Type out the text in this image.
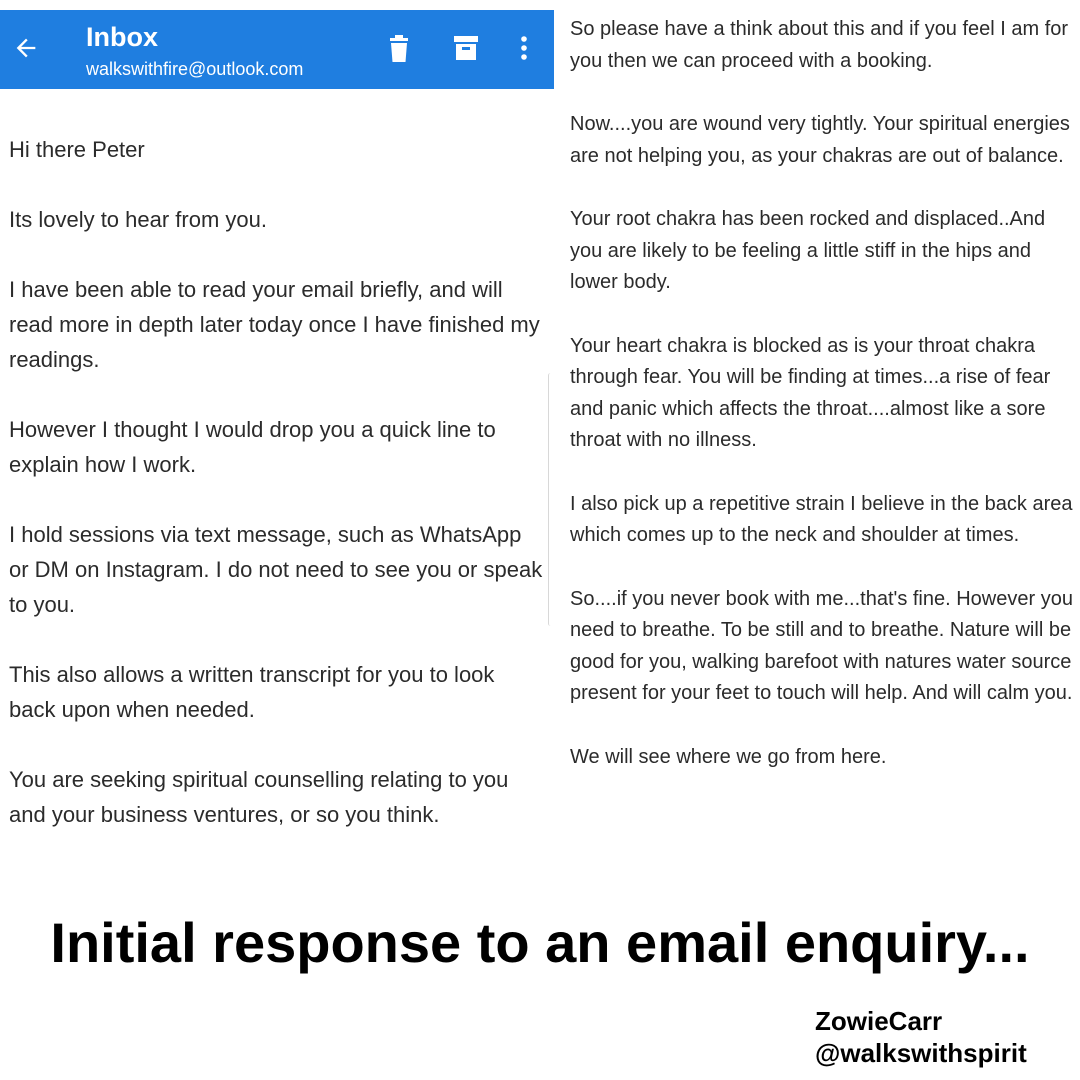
Inbox
walkswithfire@outlook.com

Hi there Peter

Its lovely to hear from you.

I have been able to read your email briefly, and will read more in depth later today once I have finished my readings.

However I thought I would drop you a quick line to explain how I work.

I hold sessions via text message, such as WhatsApp or DM on Instagram. I do not need to see you or speak to you.

This also allows a written transcript for you to look back upon when needed.

You are seeking spiritual counselling relating to you and your business ventures, or so you think.

So please have a think about this and if you feel I am for you then we can proceed with a booking.

Now....you are wound very tightly. Your spiritual energies are not helping you, as your chakras are out of balance.

Your root chakra has been rocked and displaced..And you are likely to be feeling a little stiff in the hips and lower body.

Your heart chakra is blocked as is your throat chakra through fear. You will be finding at times...a rise of fear and panic which affects the throat....almost like a sore throat with no illness.

I also pick up a repetitive strain I believe in the back area which comes up to the neck and shoulder at times.

So....if you never book with me...that's fine. However you need to breathe. To be still and to breathe. Nature will be good for you, walking barefoot with natures water source present for your feet to touch will help. And will calm you.

We will see where we go from here.

Initial response to an email enquiry...
ZowieCarr
@walkswithspirit
